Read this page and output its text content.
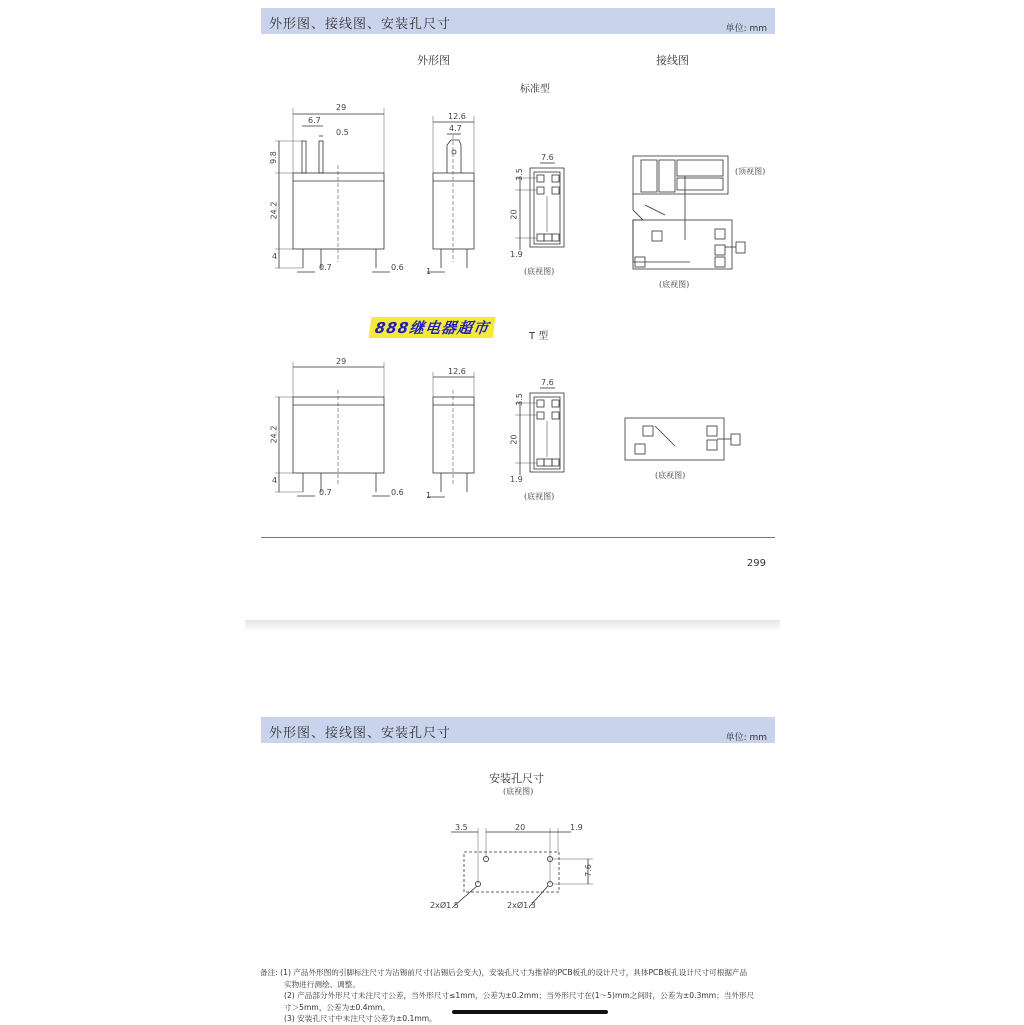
外形图、接线图、安装孔尺寸	单位: mm
外形图	接线图
标准型
29
6.7
0.5
9.8
24.2
4
0.7	0.6
12.6
4.7
1
7.6
3.5
20
1.9
(底视图)
(顶视图)
(底视图)
888继电器超市	T 型
29
24.2
4
0.7	0.6
12.6
1
7.6
3.5
20
1.9
(底视图)
(底视图)
299
外形图、接线图、安装孔尺寸	单位: mm
安装孔尺寸
(底视图)
3.5	20	1.9
7.6
2xØ1.5	2xØ1.3
备注: (1) 产品外形图的引脚标注尺寸为沾锡前尺寸(沾锡后会变大)，安装孔尺寸为推荐的PCB板孔的设计尺寸，具体PCB板孔设计尺寸可根据产品
实物进行测绘、调整。
(2) 产品部分外形尺寸未注尺寸公差，当外形尺寸≤1mm，公差为±0.2mm；当外形尺寸在(1～5)mm之间时，公差为±0.3mm；当外形尺
寸＞5mm，公差为±0.4mm。
(3) 安装孔尺寸中未注尺寸公差为±0.1mm。
